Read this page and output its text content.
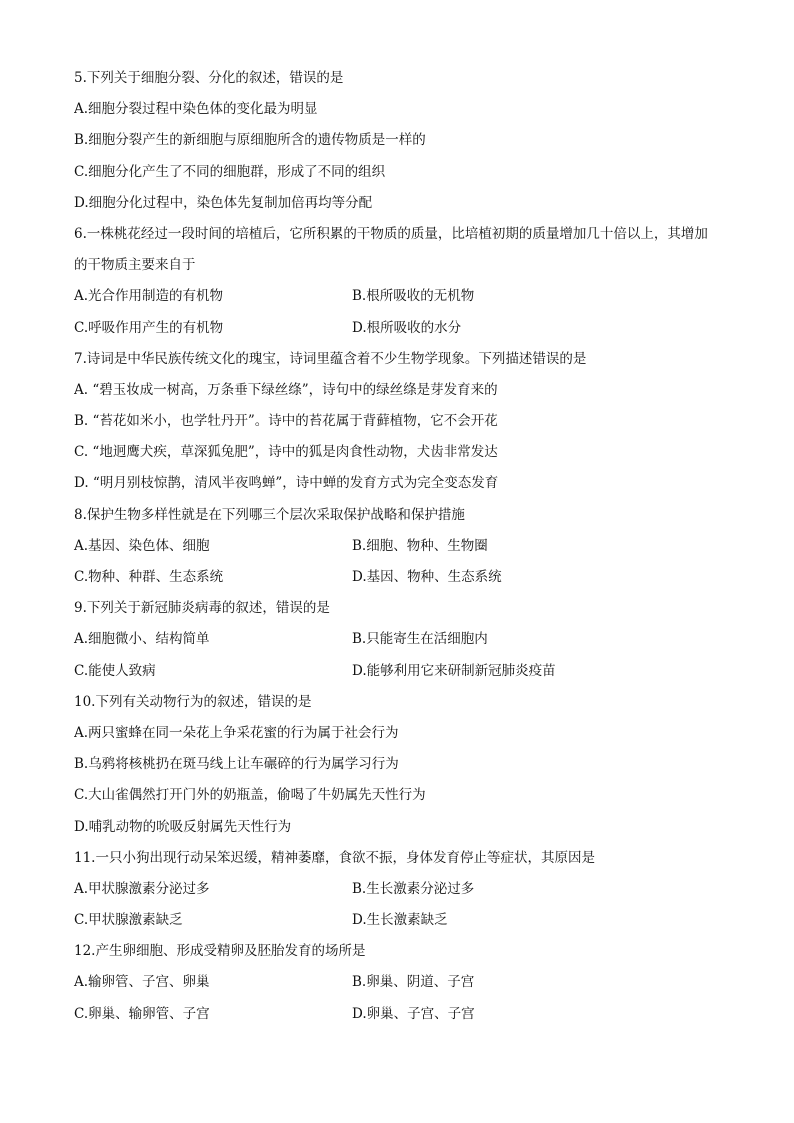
5.下列关于细胞分裂、分化的叙述，错误的是
A.细胞分裂过程中染色体的变化最为明显
B.细胞分裂产生的新细胞与原细胞所含的遗传物质是一样的
C.细胞分化产生了不同的细胞群，形成了不同的组织
D.细胞分化过程中，染色体先复制加倍再均等分配
6.一株桃花经过一段时间的培植后，它所积累的干物质的质量，比培植初期的质量增加几十倍以上，其增加
的干物质主要来自于
A.光合作用制造的有机物	B.根所吸收的无机物
C.呼吸作用产生的有机物	D.根所吸收的水分
7.诗词是中华民族传统文化的瑰宝，诗词里蕴含着不少生物学现象。下列描述错误的是
A. “碧玉妆成一树高，万条垂下绿丝绦”，诗句中的绿丝绦是芽发育来的
B. “苔花如米小，也学牡丹开”。诗中的苔花属于背藓植物，它不会开花
C. “地迥鹰犬疾，草深狐兔肥”，诗中的狐是肉食性动物，犬齿非常发达
D. “明月别枝惊鹊，清风半夜鸣蝉”，诗中蝉的发育方式为完全变态发育
8.保护生物多样性就是在下列哪三个层次采取保护战略和保护措施
A.基因、染色体、细胞	B.细胞、物种、生物圈
C.物种、种群、生态系统	D.基因、物种、生态系统
9.下列关于新冠肺炎病毒的叙述，错误的是
A.细胞微小、结构简单	B.只能寄生在活细胞内
C.能使人致病	D.能够利用它来研制新冠肺炎疫苗
10.下列有关动物行为的叙述，错误的是
A.两只蜜蜂在同一朵花上争采花蜜的行为属于社会行为
B.乌鸦将核桃扔在斑马线上让车碾碎的行为属学习行为
C.大山雀偶然打开门外的奶瓶盖，偷喝了牛奶属先天性行为
D.哺乳动物的吮吸反射属先天性行为
11.一只小狗出现行动呆笨迟缓，精神萎靡，食欲不振，身体发育停止等症状，其原因是
A.甲状腺激素分泌过多	B.生长激素分泌过多
C.甲状腺激素缺乏	D.生长激素缺乏
12.产生卵细胞、形成受精卵及胚胎发育的场所是
A.输卵管、子宫、卵巢	B.卵巢、阴道、子宫
C.卵巢、输卵管、子宫	D.卵巢、子宫、子宫
